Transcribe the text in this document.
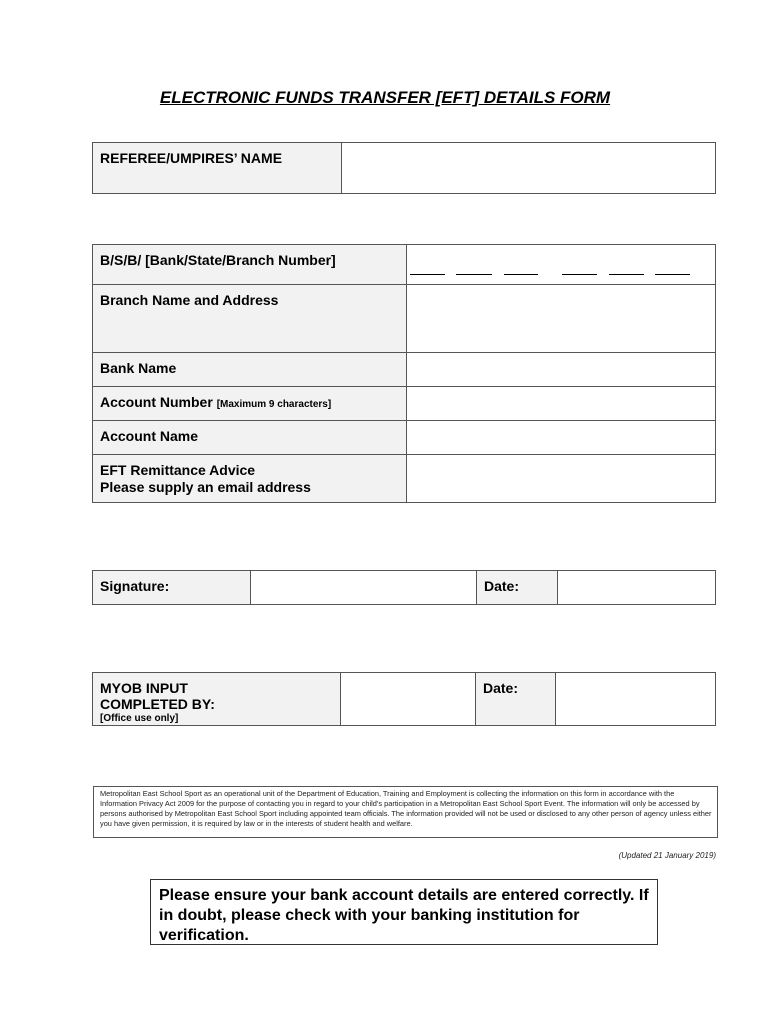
ELECTRONIC FUNDS TRANSFER [EFT] DETAILS FORM
REFEREE/UMPIRES’ NAME	
B/S/B/ [Bank/State/Branch Number]	

Branch Name and Address	
Bank Name	
Account Number [Maximum 9 characters]	
Account Name	

EFT Remittance Advice
Please supply an email address	

Signature:		Date:	
MYOB INPUT
COMPLETED BY:
[Office use only]
		Date:	
Metropolitan East School Sport as an operational unit of the Department of Education, Training and Employment is collecting the information on this form in accordance with the Information Privacy Act 2009 for the purpose of contacting you in regard to your child’s participation in a Metropolitan East School Sport Event. The information will only be accessed by persons authorised by Metropolitan East School Sport including appointed team officials. The information provided will not be used or disclosed to any other person of agency unless either you have given permission, it is required by law or in the interests of student health and welfare.
(Updated 21 January 2019)
Please ensure your bank account details are entered correctly. If in doubt, please check with your banking institution for verification.
